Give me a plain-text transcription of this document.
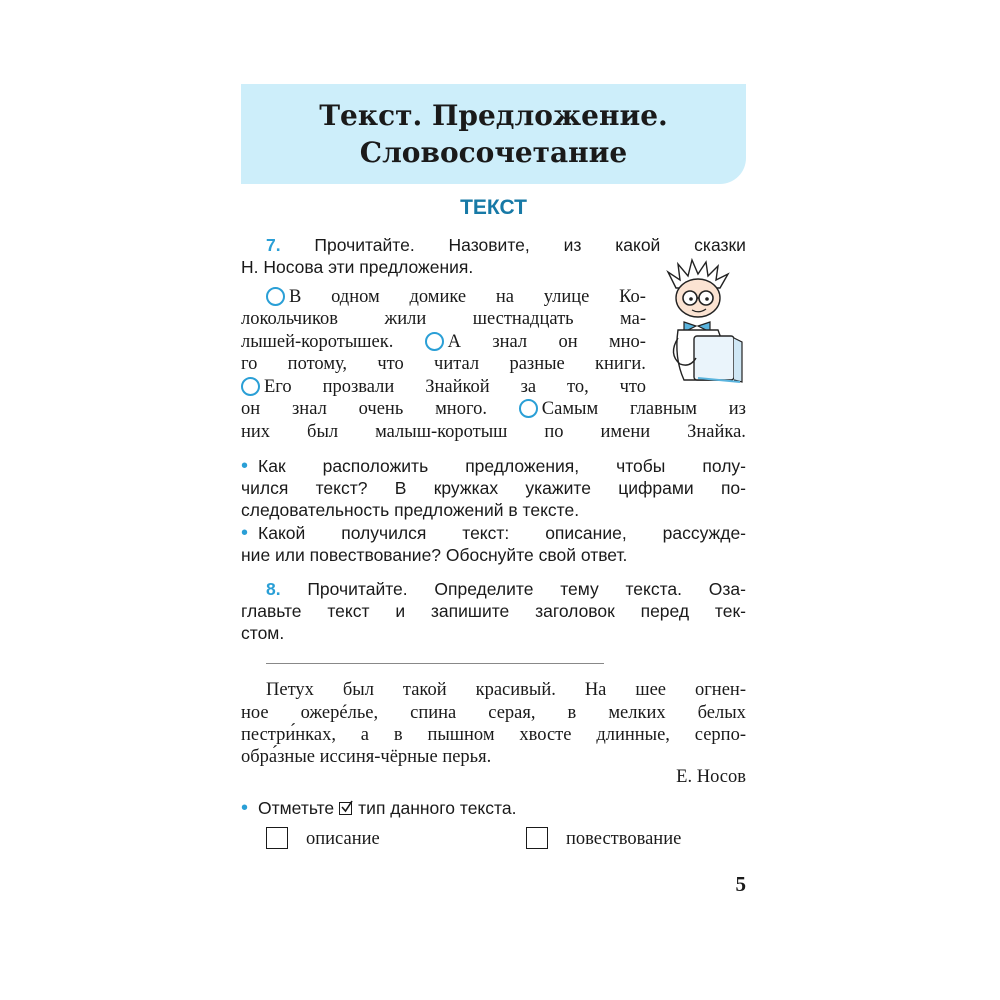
Текст. Предложение.
Словосочетание
ТЕКСТ
7. Прочитайте. Назовите, из какой сказки
Н. Носова эти предложения.
В одном домике на улице Ко-
локольчиков	жили	шестнадцать	ма-
лышей-коротышек.	А знал он мно-
го потому, что читал разные книги.
Его прозвали Знайкой за то, что
он знал очень много.	Самым главным из
них был малыш-коротыш по имени Знайка.
• Как расположить предложения, чтобы полу-
чился текст? В кружках укажите цифрами по-
следовательность предложений в тексте.
• Какой получился текст: описание, рассужде-
ние или повествование? Обоснуйте свой ответ.
8. Прочитайте. Определите тему текста. Оза-
главьте текст и запишите заголовок перед тек-
стом.
Петух был такой красивый. На шее огнен-
ное ожерéлье, спина серая, в мелких белых
пестри́нках, а в пышном хвосте длинные, серпо-
обра́зные иссиня-чёрные перья.
Е. Носов
• Отметьте тип данного текста.
описание	повествование
5
